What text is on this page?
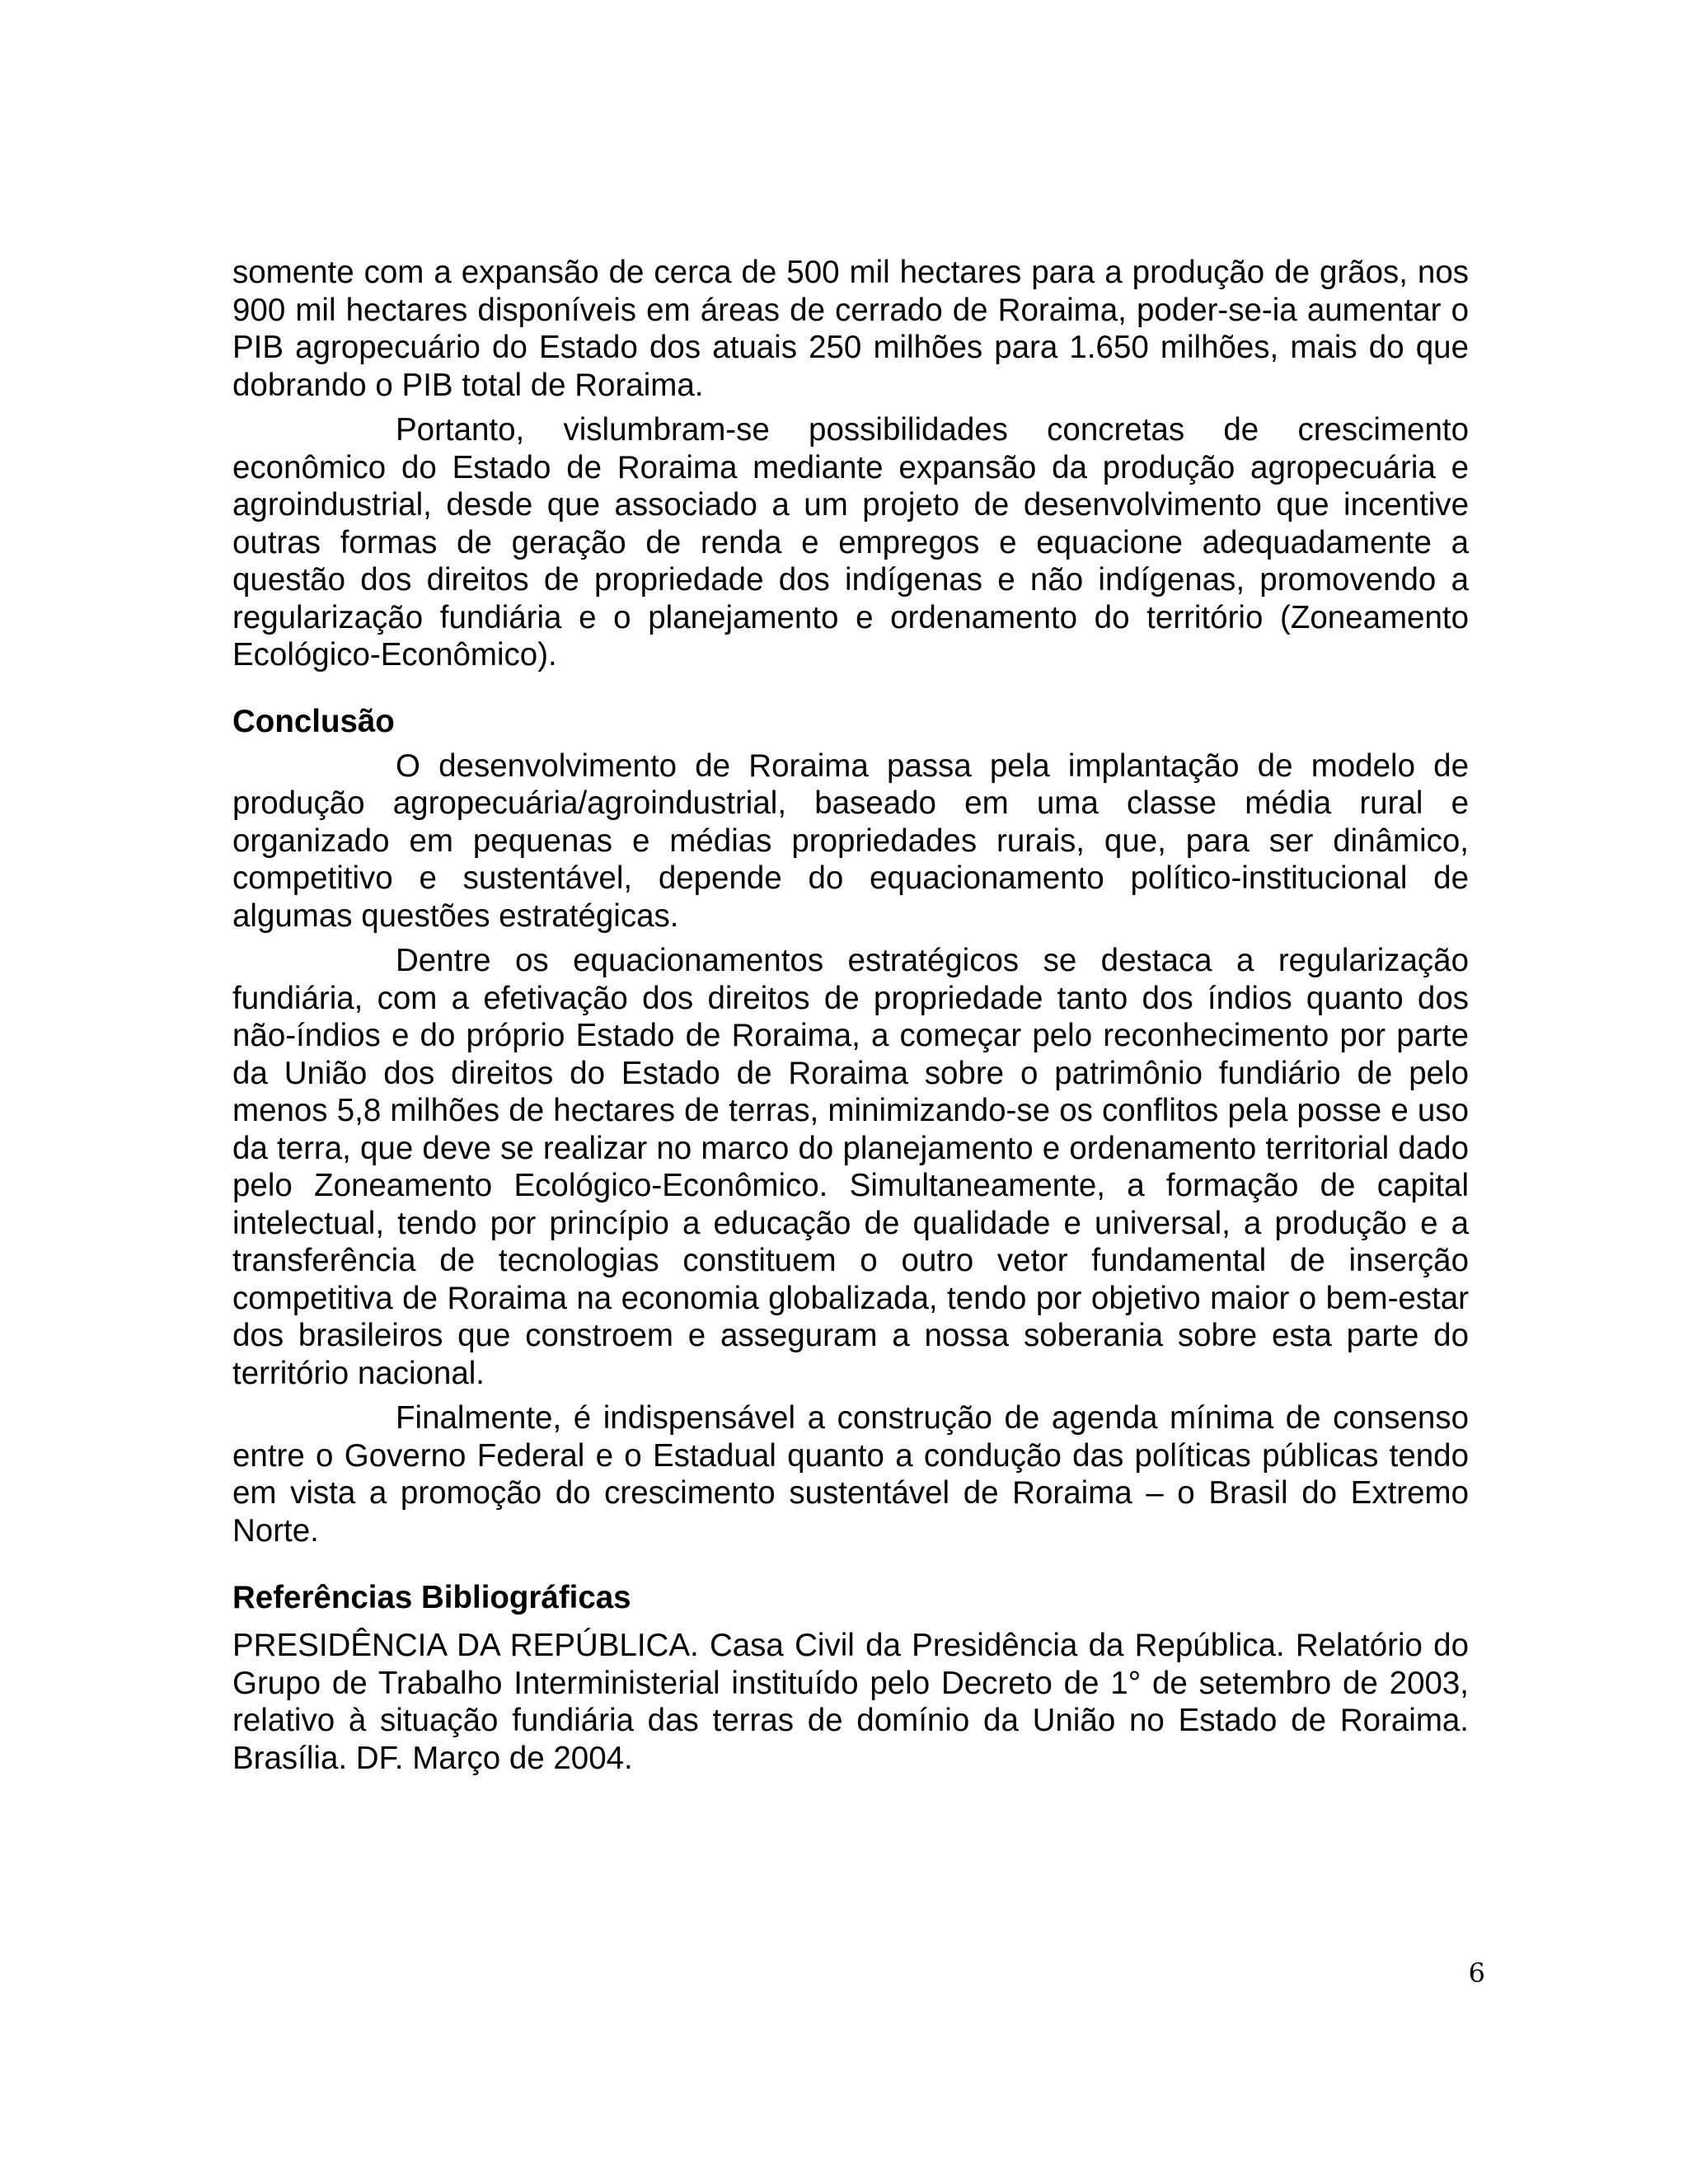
somente com a expansão de cerca de 500 mil hectares para a produção de grãos, nos 900 mil hectares disponíveis em áreas de cerrado de Roraima, poder-se-ia aumentar o PIB agropecuário do Estado dos atuais 250 milhões para 1.650 milhões, mais do que dobrando o PIB total de Roraima.

Portanto, vislumbram-se possibilidades concretas de crescimento econômico do Estado de Roraima mediante expansão da produção agropecuária e agroindustrial, desde que associado a um projeto de desenvolvimento que incentive outras formas de geração de renda e empregos e equacione adequadamente a questão dos direitos de propriedade dos indígenas e não indígenas, promovendo a regularização fundiária e o planejamento e ordenamento do território (Zoneamento Ecológico-Econômico).

Conclusão

O desenvolvimento de Roraima passa pela implantação de modelo de produção agropecuária/agroindustrial, baseado em uma classe média rural e organizado em pequenas e médias propriedades rurais, que, para ser dinâmico, competitivo e sustentável, depende do equacionamento político-institucional de algumas questões estratégicas.

Dentre os equacionamentos estratégicos se destaca a regularização fundiária, com a efetivação dos direitos de propriedade tanto dos índios quanto dos não-índios e do próprio Estado de Roraima, a começar pelo reconhecimento por parte da União dos direitos do Estado de Roraima sobre o patrimônio fundiário de pelo menos 5,8 milhões de hectares de terras, minimizando-se os conflitos pela posse e uso da terra, que deve se realizar no marco do planejamento e ordenamento territorial dado pelo Zoneamento Ecológico-Econômico. Simultaneamente, a formação de capital intelectual, tendo por princípio a educação de qualidade e universal, a produção e a transferência de tecnologias constituem o outro vetor fundamental de inserção competitiva de Roraima na economia globalizada, tendo por objetivo maior o bem-estar dos brasileiros que constroem e asseguram a nossa soberania sobre esta parte do território nacional.

Finalmente, é indispensável a construção de agenda mínima de consenso entre o Governo Federal e o Estadual quanto a condução das políticas públicas tendo em vista a promoção do crescimento sustentável de Roraima – o Brasil do Extremo Norte.

Referências Bibliográficas

PRESIDÊNCIA DA REPÚBLICA. Casa Civil da Presidência da República. Relatório do Grupo de Trabalho Interministerial instituído pelo Decreto de 1° de setembro de 2003, relativo à situação fundiária das terras de domínio da União no Estado de Roraima. Brasília. DF. Março de 2004.

6
